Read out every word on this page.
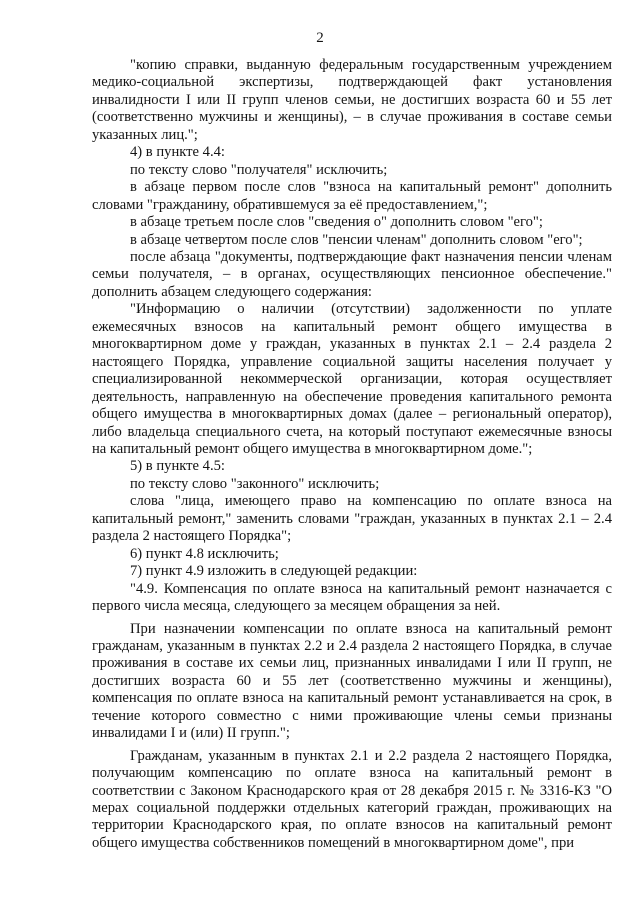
2

"копию справки, выданную федеральным государственным учреждением медико-социальной экспертизы, подтверждающей факт установления инвалидности I или II групп членов семьи, не достигших возраста 60 и 55 лет (соответственно мужчины и женщины), – в случае проживания в составе семьи указанных лиц.";

4) в пункте 4.4:

по тексту слово "получателя" исключить;

в абзаце первом после слов "взноса на капитальный ремонт" дополнить словами "гражданину, обратившемуся за её предоставлением,";

в абзаце третьем после слов "сведения о" дополнить словом "его";

в абзаце четвертом после слов "пенсии членам" дополнить словом "его";

после абзаца "документы, подтверждающие факт назначения пенсии членам семьи получателя, – в органах, осуществляющих пенсионное обеспечение." дополнить абзацем следующего содержания:

"Информацию о наличии (отсутствии) задолженности по уплате ежемесячных взносов на капитальный ремонт общего имущества в многоквартирном доме у граждан, указанных в пунктах 2.1 – 2.4 раздела 2 настоящего Порядка, управление социальной защиты населения получает у специализированной некоммерческой организации, которая осуществляет деятельность, направленную на обеспечение проведения капитального ремонта общего имущества в многоквартирных домах (далее – региональный оператор), либо владельца специального счета, на который поступают ежемесячные взносы на капитальный ремонт общего имущества в многоквартирном доме.";

5) в пункте 4.5:

по тексту слово "законного" исключить;

слова "лица, имеющего право на компенсацию по оплате взноса на капитальный ремонт," заменить словами "граждан, указанных в пунктах 2.1 – 2.4 раздела 2 настоящего Порядка";

6) пункт 4.8 исключить;

7) пункт 4.9 изложить в следующей редакции:

"4.9. Компенсация по оплате взноса на капитальный ремонт назначается с первого числа месяца, следующего за месяцем обращения за ней.

При назначении компенсации по оплате взноса на капитальный ремонт гражданам, указанным в пунктах 2.2 и 2.4 раздела 2 настоящего Порядка, в случае проживания в составе их семьи лиц, признанных инвалидами I или II групп, не достигших возраста 60 и 55 лет (соответственно мужчины и женщины), компенсация по оплате взноса на капитальный ремонт устанавливается на срок, в течение которого совместно с ними проживающие члены семьи признаны инвалидами I и (или) II групп.";

Гражданам, указанным в пунктах 2.1 и 2.2 раздела 2 настоящего Порядка, получающим компенсацию по оплате взноса на капитальный ремонт в соответствии с Законом Краснодарского края от 28 декабря 2015 г. № 3316-КЗ "О мерах социальной поддержки отдельных категорий граждан, проживающих на территории Краснодарского края, по оплате взносов на капитальный ремонт общего имущества собственников помещений в многоквартирном доме", при
